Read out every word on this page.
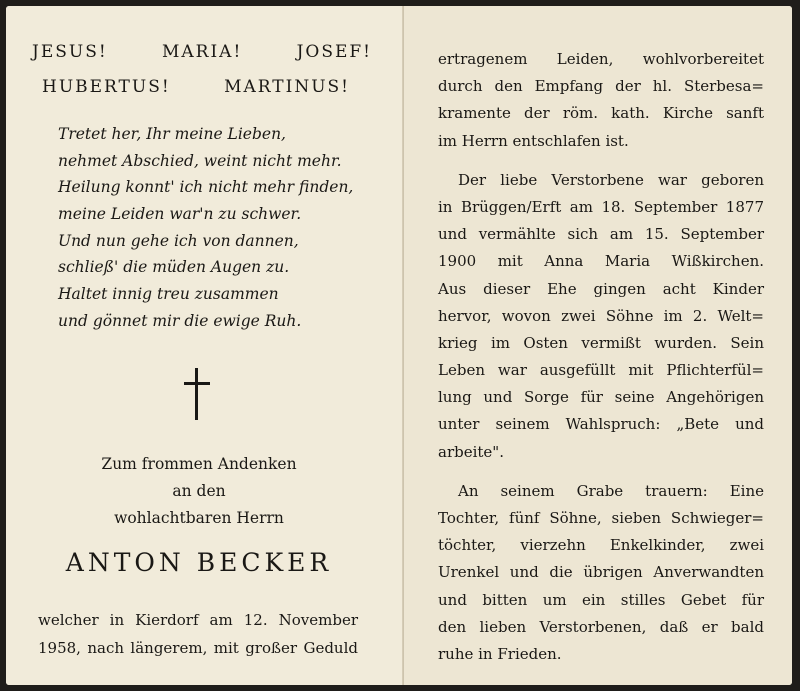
JESUS!	MARIA!	JOSEF!
HUBERTUS!	MARTINUS!
Tretet her, Ihr meine Lieben,
nehmet Abschied, weint nicht mehr.
Heilung konnt' ich nicht mehr finden,
meine Leiden war'n zu schwer.
Und nun gehe ich von dannen,
schließ' die müden Augen zu.
Haltet innig treu zusammen
und gönnet mir die ewige Ruh.
Zum frommen Andenken
an den
wohlachtbaren Herrn
ANTON BECKER
welcher in Kierdorf am 12. November
1958, nach längerem, mit großer Geduld
ertragenem Leiden, wohlvorbereitet
durch den Empfang der hl. Sterbesa=
kramente der röm. kath. Kirche sanft
im Herrn entschlafen ist.
Der liebe Verstorbene war geboren
in Brüggen/Erft am 18. September 1877
und vermählte sich am 15. September
1900 mit Anna Maria Wißkirchen.
Aus dieser Ehe gingen acht Kinder
hervor, wovon zwei Söhne im 2. Welt=
krieg im Osten vermißt wurden. Sein
Leben war ausgefüllt mit Pflichterfül=
lung und Sorge für seine Angehörigen
unter seinem Wahlspruch: „Bete und
arbeite".
An seinem Grabe trauern: Eine
Tochter, fünf Söhne, sieben Schwieger=
töchter, vierzehn Enkelkinder, zwei
Urenkel und die übrigen Anverwandten
und bitten um ein stilles Gebet für
den lieben Verstorbenen, daß er bald
ruhe in Frieden.
